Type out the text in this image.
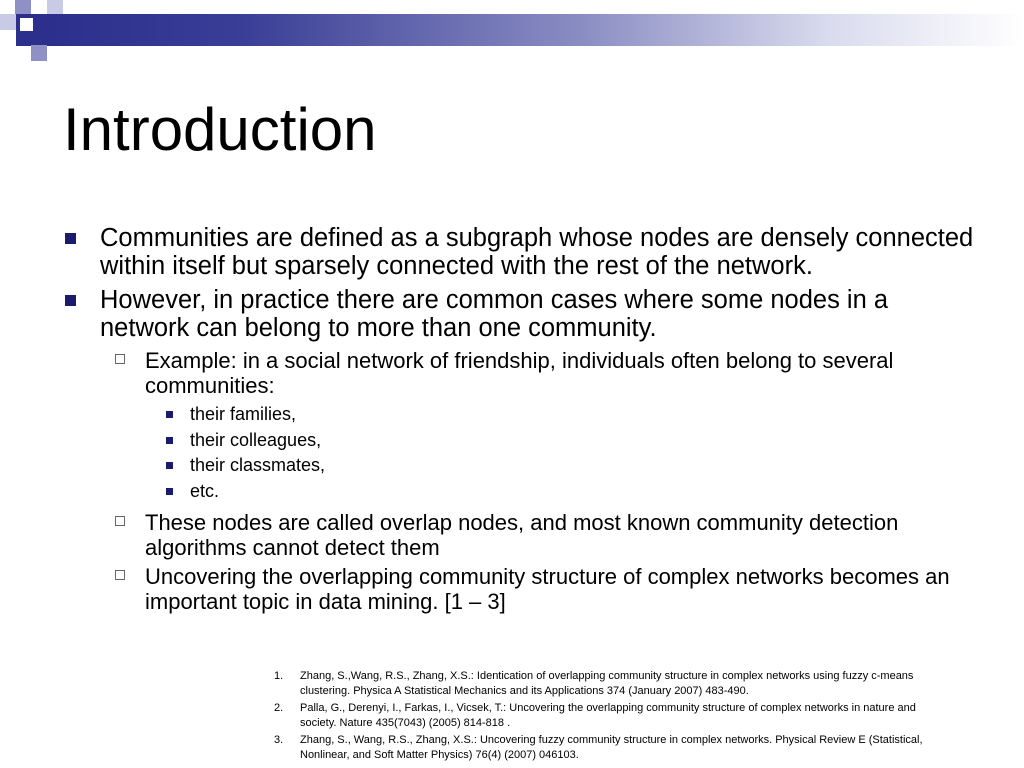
Introduction
Communities are defined as a subgraph whose nodes are densely connected within itself but sparsely connected with the rest of the network.
However, in practice there are common cases where some nodes in a network can belong to more than one community.
Example: in a social network of friendship, individuals often belong to several communities:
their families,
their colleagues,
their classmates,
etc.
These nodes are called overlap nodes, and most known community detection algorithms cannot detect them
Uncovering the overlapping community structure of complex networks becomes an important topic in data mining. [1 – 3]
1. Zhang, S.,Wang, R.S., Zhang, X.S.: Identication of overlapping community structure in complex networks using fuzzy c-means clustering. Physica A Statistical Mechanics and its Applications 374 (January 2007) 483-490.
2. Palla, G., Derenyi, I., Farkas, I., Vicsek, T.: Uncovering the overlapping community structure of complex networks in nature and society. Nature 435(7043) (2005) 814-818 .
3. Zhang, S., Wang, R.S., Zhang, X.S.: Uncovering fuzzy community structure in complex networks. Physical Review E (Statistical, Nonlinear, and Soft Matter Physics) 76(4) (2007) 046103.
